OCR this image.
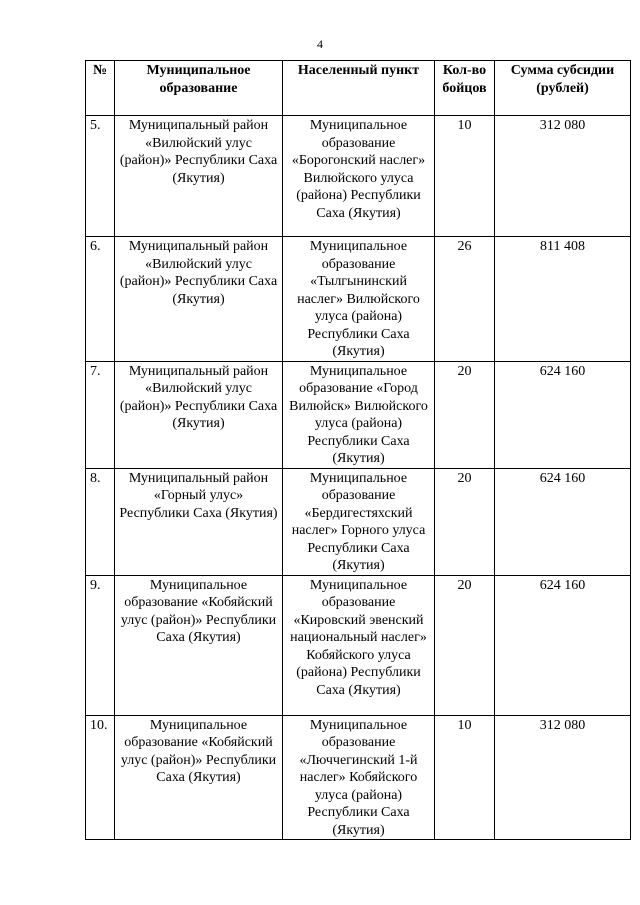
4
№	Муниципальное образование	Населенный пункт	Кол-во бойцов	Сумма субсидии (рублей)
5.	Муниципальный район «Вилюйский улус (район)» Республики Саха (Якутия)	Муниципальное образование «Борогонский наслег» Вилюйского улуса (района) Республики Саха (Якутия)	10	312 080
6.	Муниципальный район «Вилюйский улус (район)» Республики Саха (Якутия)	Муниципальное образование «Тылгынинский наслег» Вилюйского улуса (района) Республики Саха (Якутия)	26	811 408
7.	Муниципальный район «Вилюйский улус (район)» Республики Саха (Якутия)	Муниципальное образование «Город Вилюйск» Вилюйского улуса (района) Республики Саха (Якутия)	20	624 160
8.	Муниципальный район «Горный улус» Республики Саха (Якутия)	Муниципальное образование «Бердигестяхский наслег» Горного улуса Республики Саха (Якутия)	20	624 160
9.	Муниципальное образование «Кобяйский улус (район)» Республики Саха (Якутия)	Муниципальное образование «Кировский эвенский национальный наслег» Кобяйского улуса (района) Республики Саха (Якутия)	20	624 160
10.	Муниципальное образование «Кобяйский улус (район)» Республики Саха (Якутия)	Муниципальное образование «Люччегинский 1-й наслег» Кобяйского улуса (района) Республики Саха (Якутия)	10	312 080
